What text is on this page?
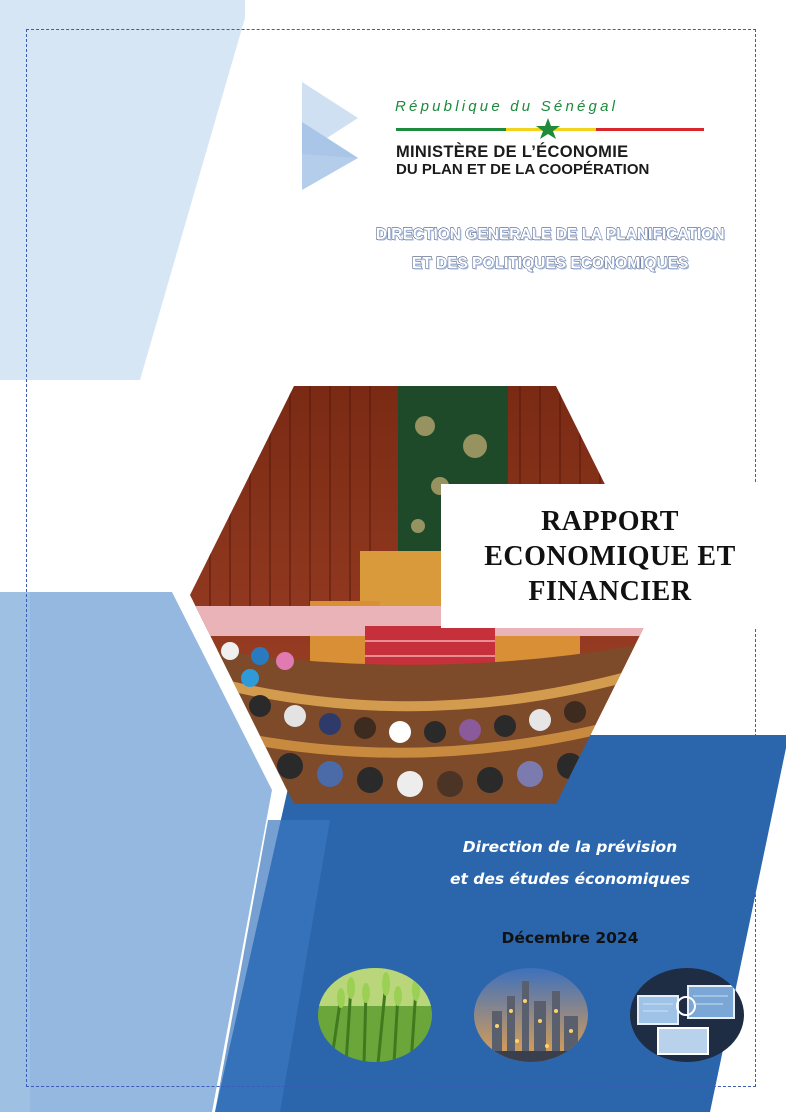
République du Sénégal
MINISTÈRE DE L’ÉCONOMIE
DU PLAN ET DE LA COOPÉRATION
DIRECTION GENERALE DE LA PLANIFICATION
ET DES POLITIQUES ECONOMIQUES
RAPPORT
ECONOMIQUE ET
FINANCIER
Direction de la prévision
et des études économiques
Décembre 2024
